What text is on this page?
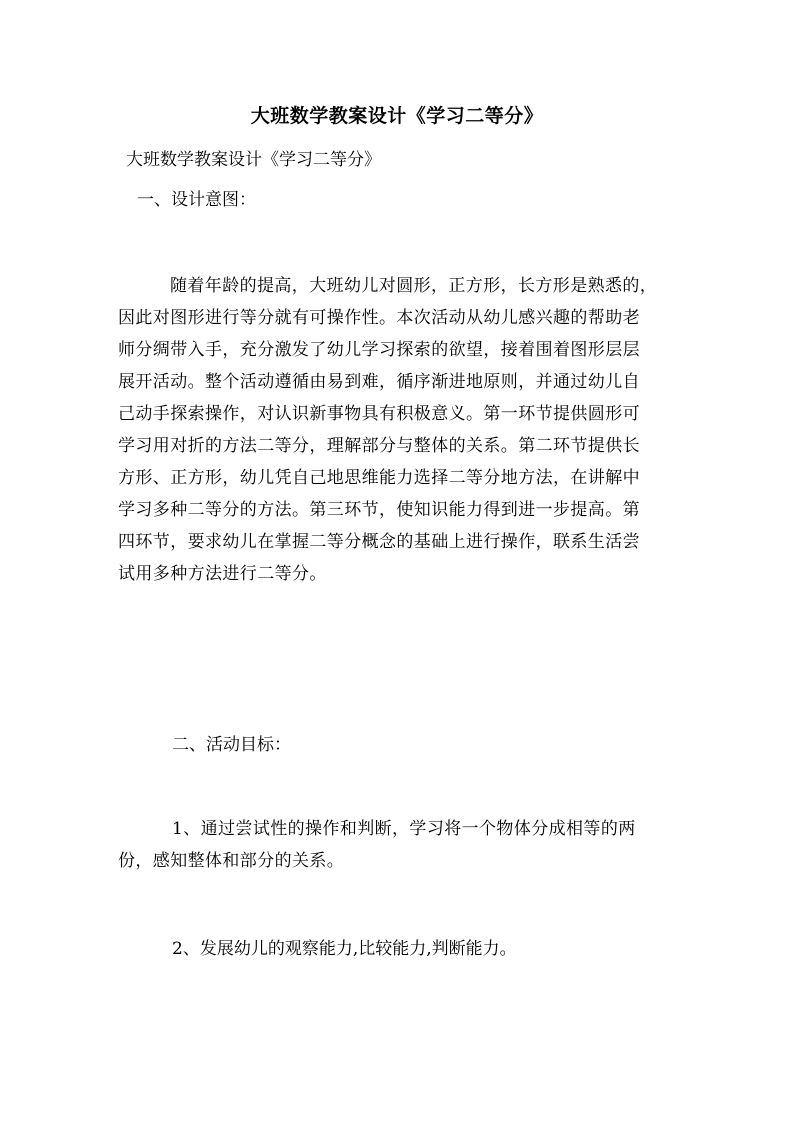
大班数学教案设计《学习二等分》
大班数学教案设计《学习二等分》
一、设计意图：
随着年龄的提高，大班幼儿对圆形，正方形，长方形是熟悉的，
因此对图形进行等分就有可操作性。本次活动从幼儿感兴趣的帮助老
师分绸带入手，充分激发了幼儿学习探索的欲望，接着围着图形层层
展开活动。整个活动遵循由易到难，循序渐进地原则，并通过幼儿自
己动手探索操作，对认识新事物具有积极意义。第一环节提供圆形可
学习用对折的方法二等分，理解部分与整体的关系。第二环节提供长
方形、正方形，幼儿凭自己地思维能力选择二等分地方法，在讲解中
学习多种二等分的方法。第三环节，使知识能力得到进一步提高。第
四环节，要求幼儿在掌握二等分概念的基础上进行操作，联系生活尝
试用多种方法进行二等分。
二、活动目标：
1、通过尝试性的操作和判断，学习将一个物体分成相等的两
份，感知整体和部分的关系。
2、发展幼儿的观察能力,比较能力,判断能力。
